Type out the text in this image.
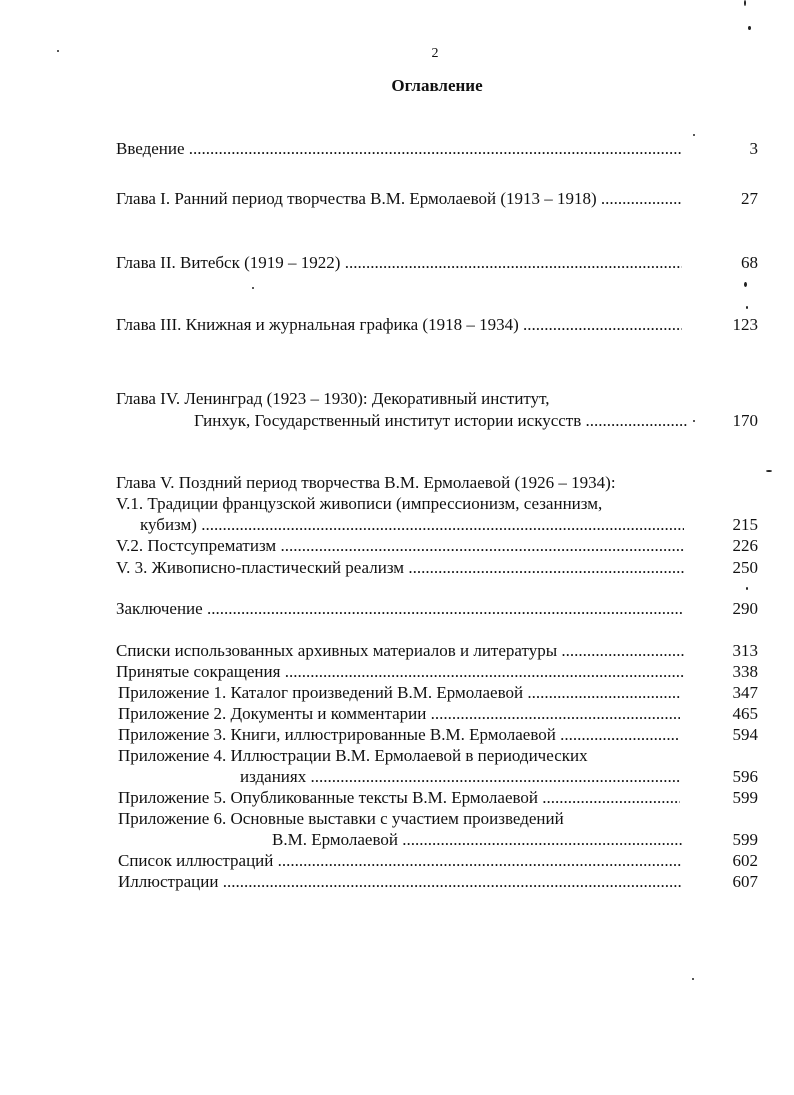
2
Оглавление
Введение .....	3
Глава I. Ранний период творчества В.М. Ермолаевой (1913 – 1918) .....	27
Глава II. Витебск (1919 – 1922) .....	68
Глава III. Книжная и журнальная графика (1918 – 1934) .....	123
Глава IV. Ленинград (1923 – 1930): Декоративный институт,
Гинхук, Государственный институт истории искусств .....	170
Глава V. Поздний период творчества В.М. Ермолаевой (1926 – 1934):
V.1. Традиции французской живописи (импрессионизм, сезаннизм,
кубизм) .....	215
V.2. Постсупрематизм .....	226
V. 3. Живописно-пластический реализм .....	250
Заключение .....	290
Списки использованных архивных материалов и литературы .....	313
Принятые сокращения .....	338
Приложение 1. Каталог произведений В.М. Ермолаевой .....	347
Приложение 2. Документы и комментарии .....	465
Приложение 3. Книги, иллюстрированные В.М. Ермолаевой .....	594
Приложение 4. Иллюстрации В.М. Ермолаевой в периодических
изданиях .....	596
Приложение 5. Опубликованные тексты В.М. Ермолаевой .....	599
Приложение 6. Основные выставки с участием произведений
В.М. Ермолаевой .....	599
Список иллюстраций .....	602
Иллюстрации .....	607
